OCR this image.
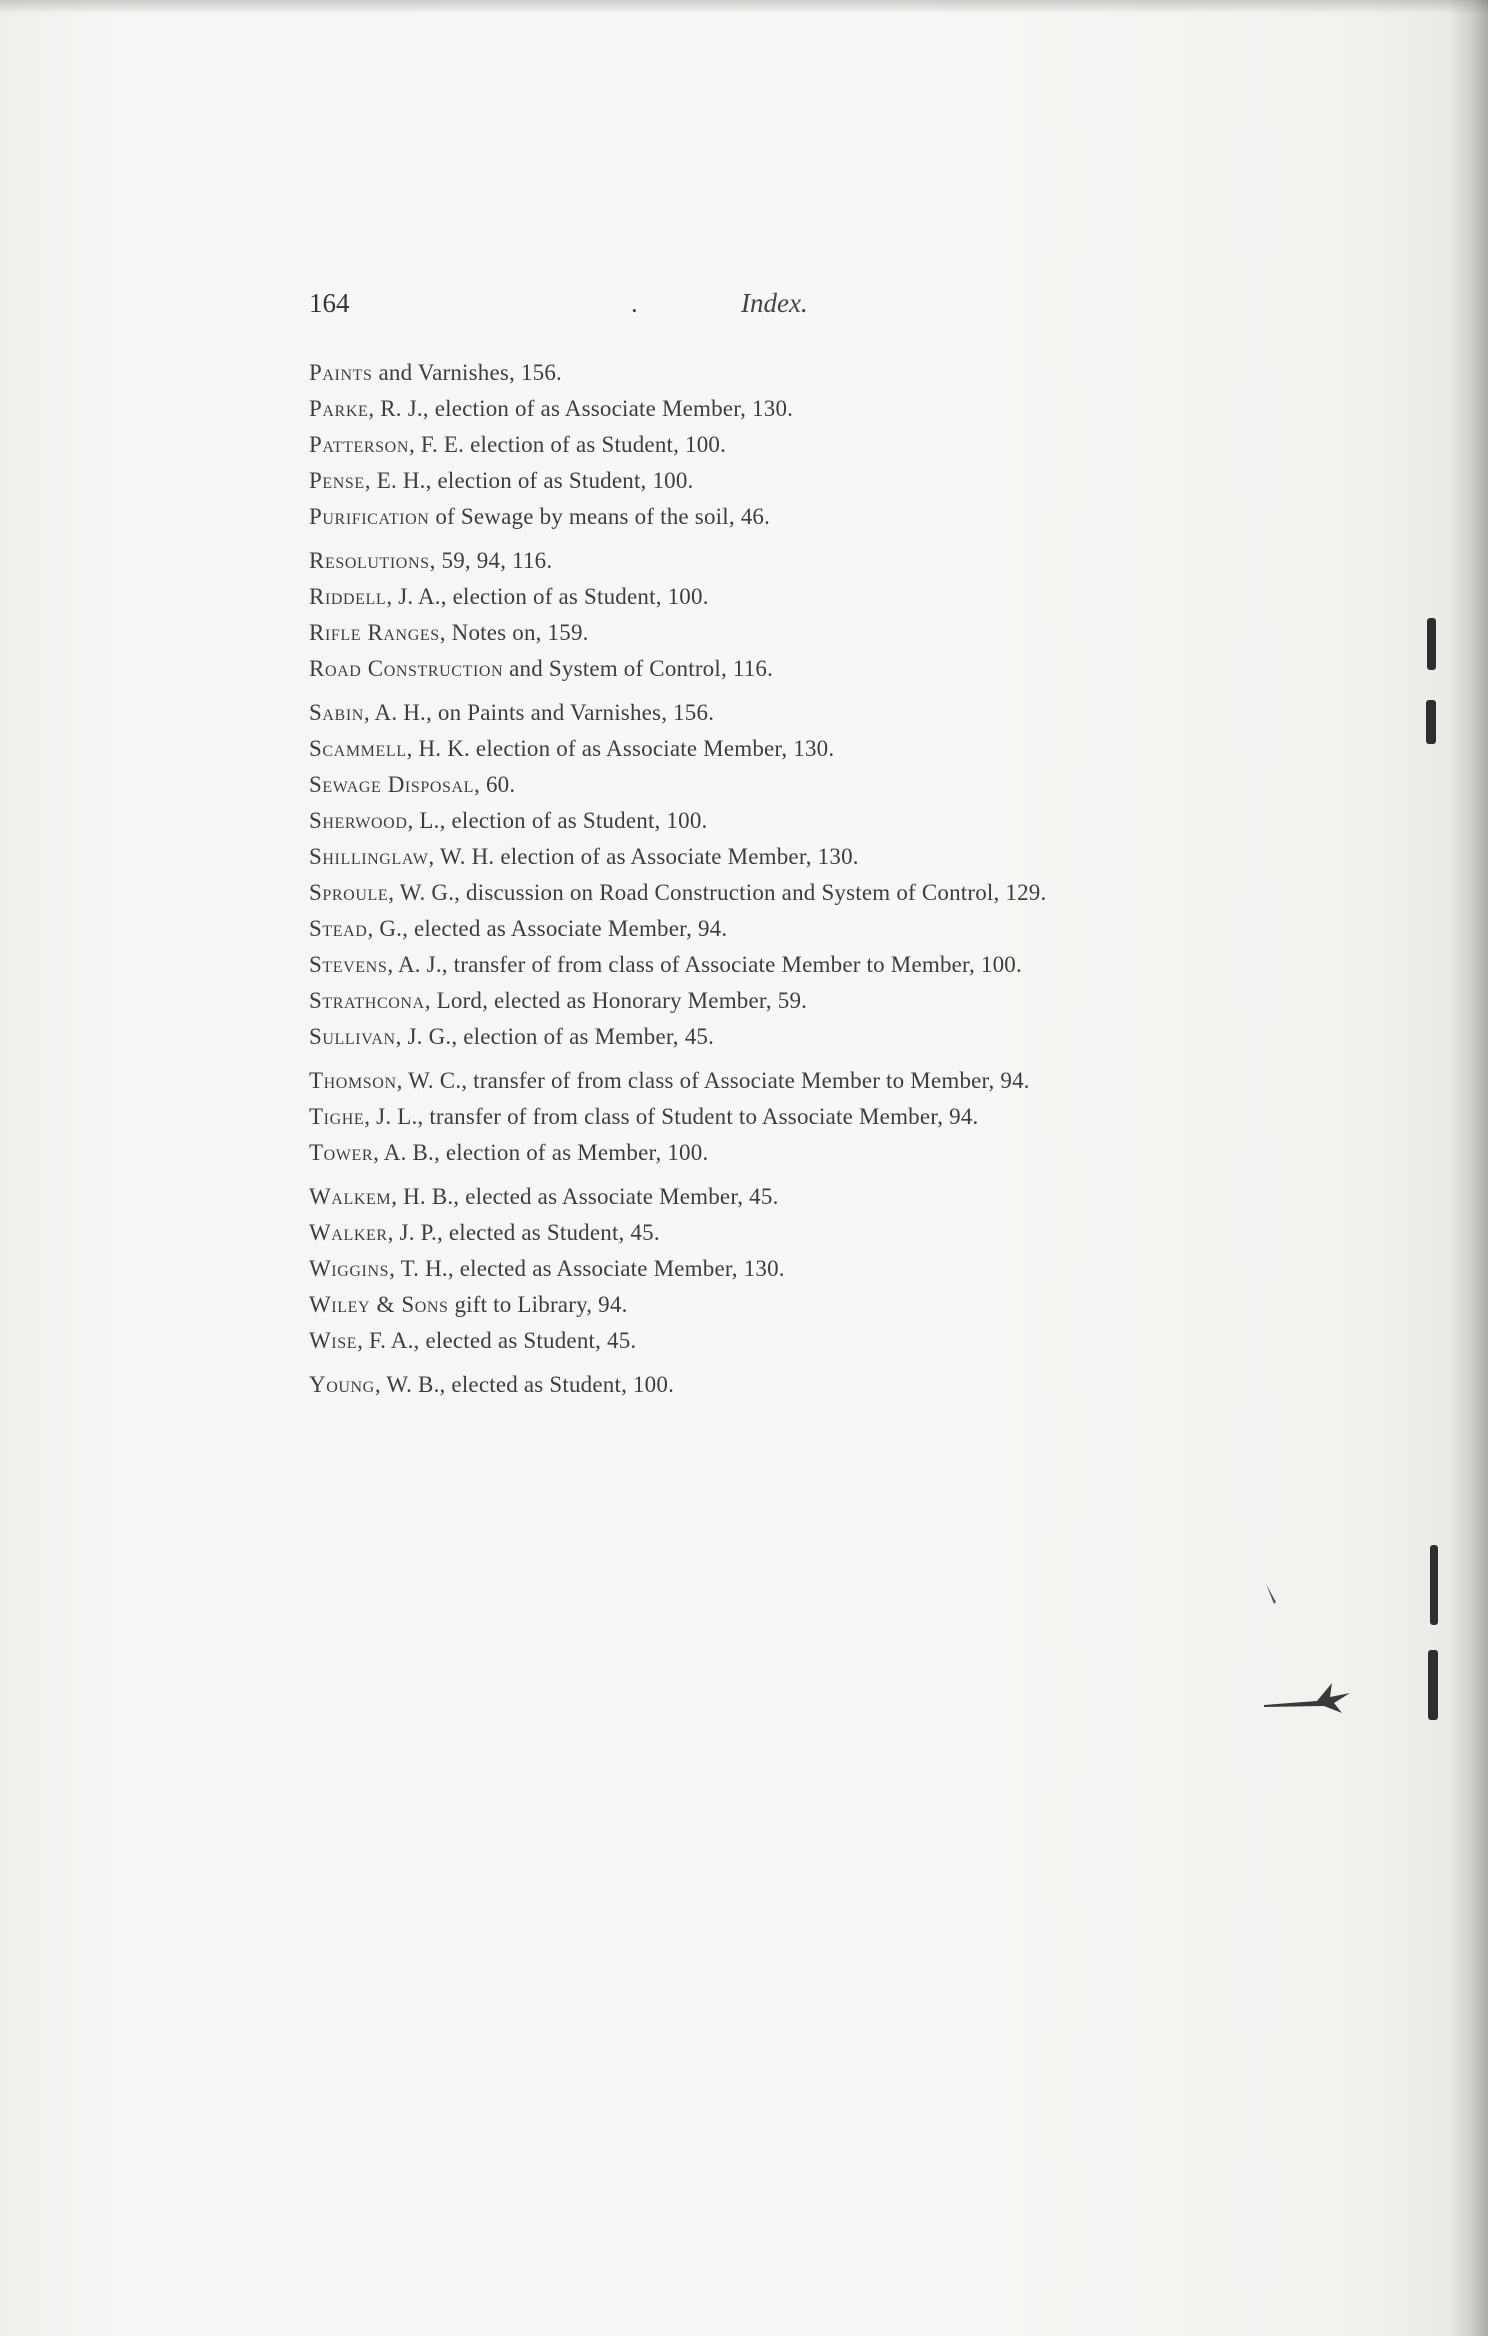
164	.	Index.
Paints and Varnishes, 156.
Parke, R. J., election of as Associate Member, 130.
Patterson, F. E. election of as Student, 100.
Pense, E. H., election of as Student, 100.
Purification of Sewage by means of the soil, 46.
Resolutions, 59, 94, 116.
Riddell, J. A., election of as Student, 100.
Rifle Ranges, Notes on, 159.
Road Construction and System of Control, 116.
Sabin, A. H., on Paints and Varnishes, 156.
Scammell, H. K. election of as Associate Member, 130.
Sewage Disposal, 60.
Sherwood, L., election of as Student, 100.
Shillinglaw, W. H. election of as Associate Member, 130.
Sproule, W. G., discussion on Road Construction and System of Control, 129.
Stead, G., elected as Associate Member, 94.
Stevens, A. J., transfer of from class of Associate Member to Member, 100.
Strathcona, Lord, elected as Honorary Member, 59.
Sullivan, J. G., election of as Member, 45.
Thomson, W. C., transfer of from class of Associate Member to Member, 94.
Tighe, J. L., transfer of from class of Student to Associate Member, 94.
Tower, A. B., election of as Member, 100.
Walkem, H. B., elected as Associate Member, 45.
Walker, J. P., elected as Student, 45.
Wiggins, T. H., elected as Associate Member, 130.
Wiley & Sons gift to Library, 94.
Wise, F. A., elected as Student, 45.
Young, W. B., elected as Student, 100.
